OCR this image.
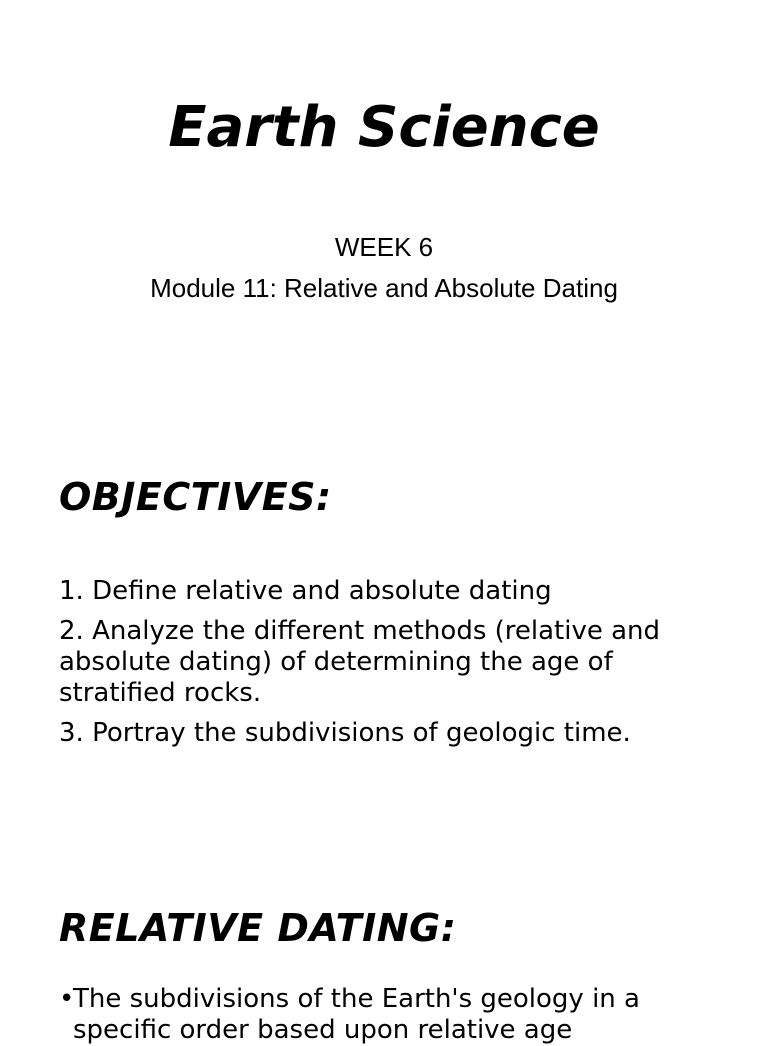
Earth Science

WEEK 6

Module 11: Relative and Absolute Dating

OBJECTIVES:
1. Define relative and absolute dating
2. Analyze the different methods (relative and absolute dating) of determining the age of stratified rocks.
3. Portray the subdivisions of geologic time.
RELATIVE DATING:
•
The subdivisions of the Earth's geology in a specific order based upon relative age
